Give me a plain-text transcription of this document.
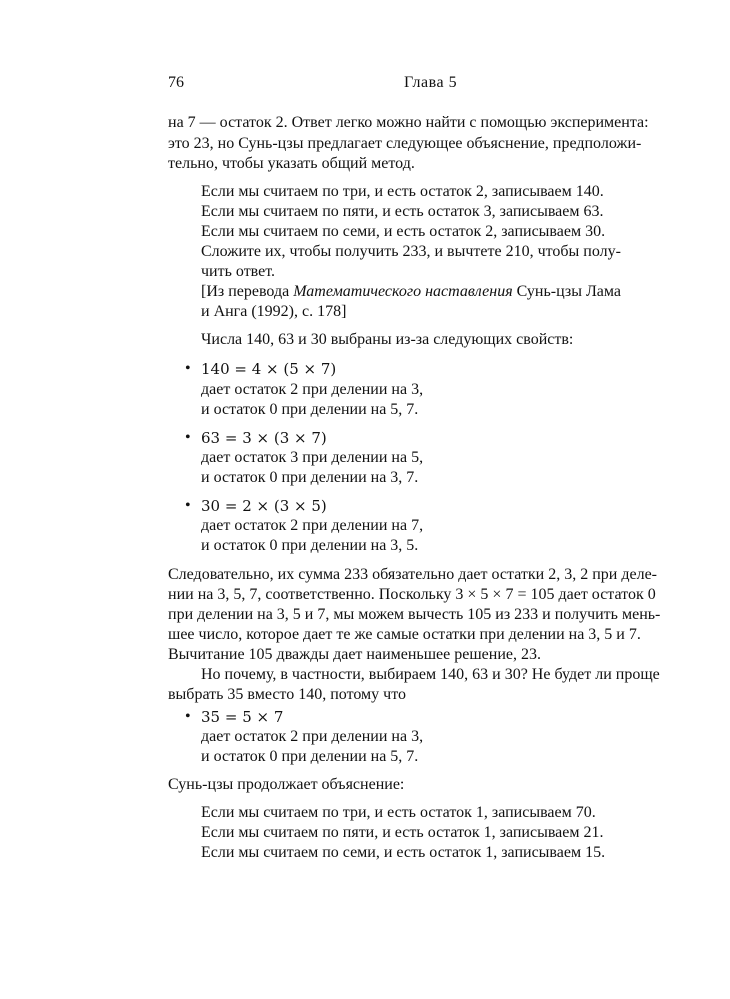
76	Глава 5
на 7 — остаток 2. Ответ легко можно найти с помощью эксперимента:
это 23, но Сунь-цзы предлагает следующее объяснение, предположи-
тельно, чтобы указать общий метод.
Если мы считаем по три, и есть остаток 2, записываем 140.
Если мы считаем по пяти, и есть остаток 3, записываем 63.
Если мы считаем по семи, и есть остаток 2, записываем 30.
Сложите их, чтобы получить 233, и вычтете 210, чтобы полу-
чить ответ.
[Из перевода Математического наставления Сунь-цзы Лама
и Анга (1992), с. 178]
Числа 140, 63 и 30 выбраны из-за следующих свойств:
• 140 = 4 × (5 × 7)
дает остаток 2 при делении на 3,
и остаток 0 при делении на 5, 7.
• 63 = 3 × (3 × 7)
дает остаток 3 при делении на 5,
и остаток 0 при делении на 3, 7.
• 30 = 2 × (3 × 5)
дает остаток 2 при делении на 7,
и остаток 0 при делении на 3, 5.
Следовательно, их сумма 233 обязательно дает остатки 2, 3, 2 при деле-
нии на 3, 5, 7, соответственно. Поскольку 3 × 5 × 7 = 105 дает остаток 0
при делении на 3, 5 и 7, мы можем вычесть 105 из 233 и получить мень-
шее число, которое дает те же самые остатки при делении на 3, 5 и 7.
Вычитание 105 дважды дает наименьшее решение, 23.
Но почему, в частности, выбираем 140, 63 и 30? Не будет ли проще
выбрать 35 вместо 140, потому что
• 35 = 5 × 7
дает остаток 2 при делении на 3,
и остаток 0 при делении на 5, 7.
Сунь-цзы продолжает объяснение:
Если мы считаем по три, и есть остаток 1, записываем 70.
Если мы считаем по пяти, и есть остаток 1, записываем 21.
Если мы считаем по семи, и есть остаток 1, записываем 15.
